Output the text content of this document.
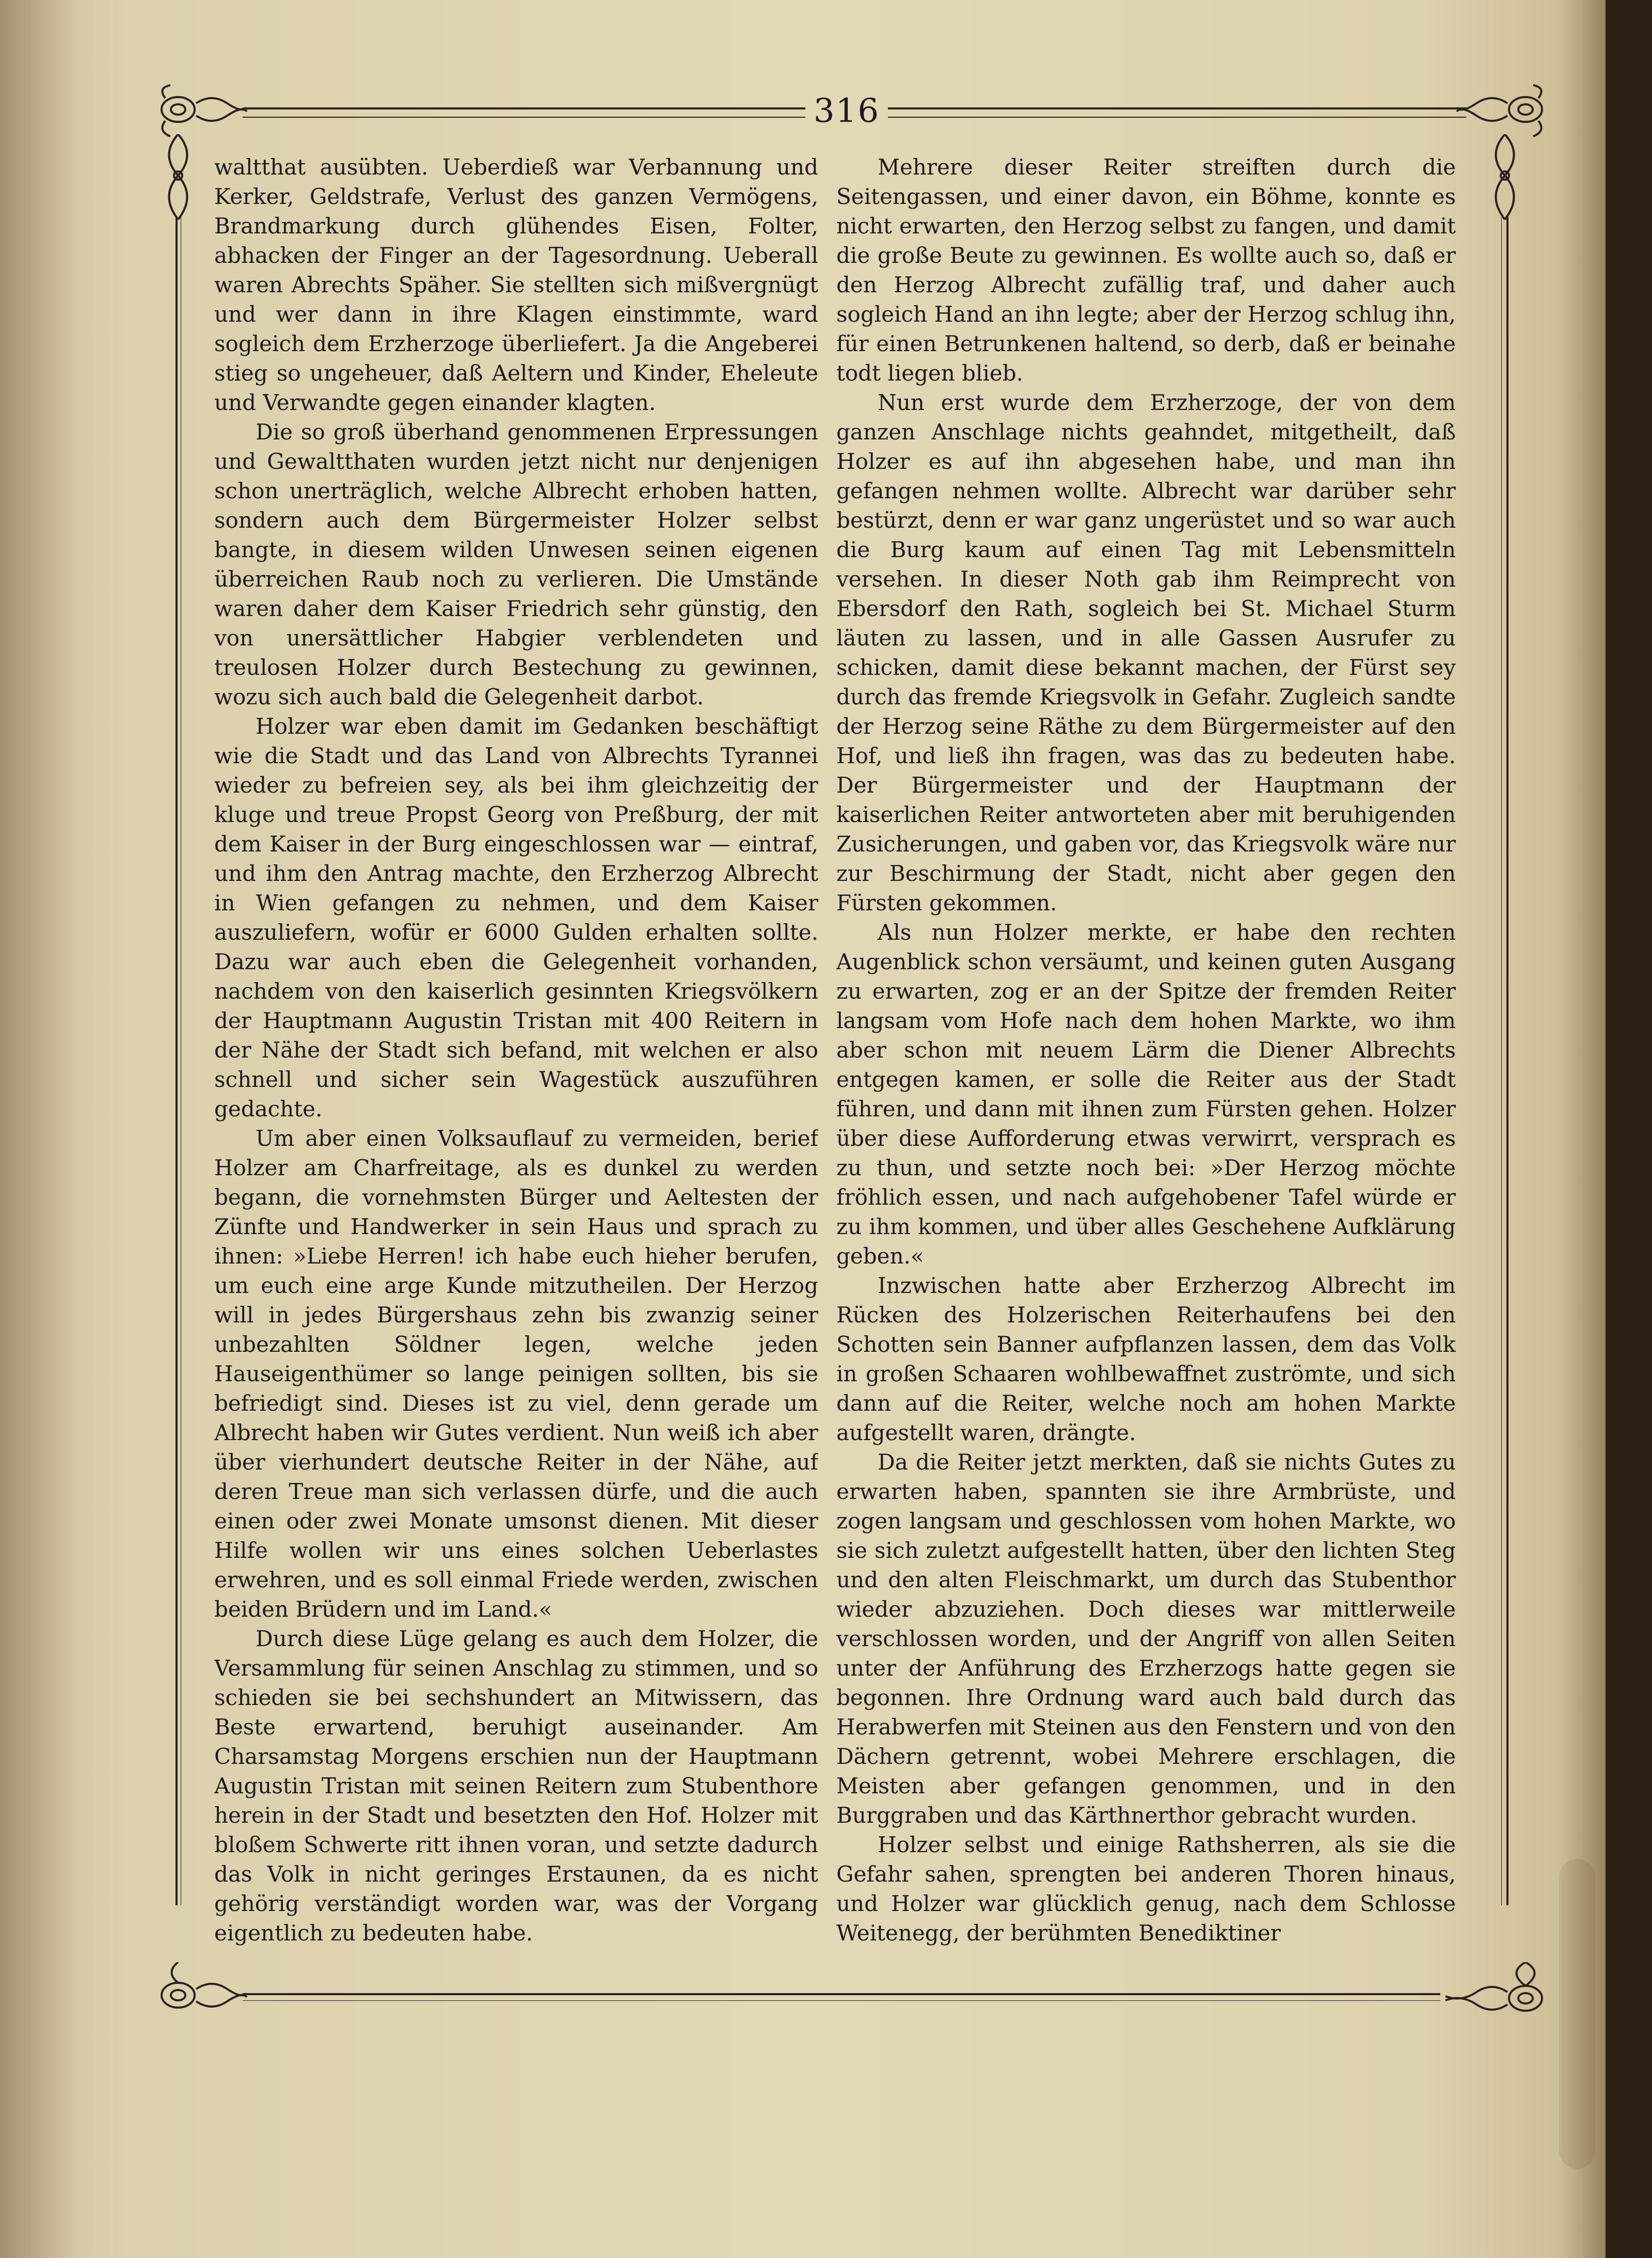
316

waltthat ausübten. Ueberdieß war Verbannung und Kerker, Geldstrafe, Verlust des ganzen Vermögens, Brandmarkung durch glühendes Eisen, Folter, abhacken der Finger an der Tagesordnung. Ueberall waren Abrechts Späher. Sie stellten sich mißvergnügt und wer dann in ihre Klagen einstimmte, ward sogleich dem Erzherzoge überliefert. Ja die Angeberei stieg so ungeheuer, daß Aeltern und Kinder, Eheleute und Verwandte gegen einander klagten.

Die so groß überhand genommenen Erpressungen und Gewaltthaten wurden jetzt nicht nur denjenigen schon unerträglich, welche Albrecht erhoben hatten, sondern auch dem Bürgermeister Holzer selbst bangte, in diesem wilden Unwesen seinen eigenen überreichen Raub noch zu verlieren. Die Umstände waren daher dem Kaiser Friedrich sehr günstig, den von unersättlicher Habgier verblendeten und treulosen Holzer durch Bestechung zu gewinnen, wozu sich auch bald die Gelegenheit darbot.

Holzer war eben damit im Gedanken beschäftigt wie die Stadt und das Land von Albrechts Tyrannei wieder zu befreien sey, als bei ihm gleichzeitig der kluge und treue Propst Georg von Preßburg, der mit dem Kaiser in der Burg eingeschlossen war — eintraf, und ihm den Antrag machte, den Erzherzog Albrecht in Wien gefangen zu nehmen, und dem Kaiser auszuliefern, wofür er 6000 Gulden erhalten sollte. Dazu war auch eben die Gelegenheit vorhanden, nachdem von den kaiserlich gesinnten Kriegsvölkern der Hauptmann Augustin Tristan mit 400 Reitern in der Nähe der Stadt sich befand, mit welchen er also schnell und sicher sein Wagestück auszuführen gedachte.

Um aber einen Volksauflauf zu vermeiden, berief Holzer am Charfreitage, als es dunkel zu werden begann, die vornehmsten Bürger und Aeltesten der Zünfte und Handwerker in sein Haus und sprach zu ihnen: »Liebe Herren! ich habe euch hieher berufen, um euch eine arge Kunde mitzutheilen. Der Herzog will in jedes Bürgershaus zehn bis zwanzig seiner unbezahlten Söldner legen, welche jeden Hauseigenthümer so lange peinigen sollten, bis sie befriedigt sind. Dieses ist zu viel, denn gerade um Albrecht haben wir Gutes verdient. Nun weiß ich aber über vierhundert deutsche Reiter in der Nähe, auf deren Treue man sich verlassen dürfe, und die auch einen oder zwei Monate umsonst dienen. Mit dieser Hilfe wollen wir uns eines solchen Ueberlastes erwehren, und es soll einmal Friede werden, zwischen beiden Brüdern und im Land.«

Durch diese Lüge gelang es auch dem Holzer, die Versammlung für seinen Anschlag zu stimmen, und so schieden sie bei sechshundert an Mitwissern, das Beste erwartend, beruhigt auseinander. Am Charsamstag Morgens erschien nun der Hauptmann Augustin Tristan mit seinen Reitern zum Stubenthore herein in der Stadt und besetzten den Hof. Holzer mit bloßem Schwerte ritt ihnen voran, und setzte dadurch das Volk in nicht geringes Erstaunen, da es nicht gehörig verständigt worden war, was der Vorgang eigentlich zu bedeuten habe.

Mehrere dieser Reiter streiften durch die Seitengassen, und einer davon, ein Böhme, konnte es nicht erwarten, den Herzog selbst zu fangen, und damit die große Beute zu gewinnen. Es wollte auch so, daß er den Herzog Albrecht zufällig traf, und daher auch sogleich Hand an ihn legte; aber der Herzog schlug ihn, für einen Betrunkenen haltend, so derb, daß er beinahe todt liegen blieb.

Nun erst wurde dem Erzherzoge, der von dem ganzen Anschlage nichts geahndet, mitgetheilt, daß Holzer es auf ihn abgesehen habe, und man ihn gefangen nehmen wollte. Albrecht war darüber sehr bestürzt, denn er war ganz ungerüstet und so war auch die Burg kaum auf einen Tag mit Lebensmitteln versehen. In dieser Noth gab ihm Reimprecht von Ebersdorf den Rath, sogleich bei St. Michael Sturm läuten zu lassen, und in alle Gassen Ausrufer zu schicken, damit diese bekannt machen, der Fürst sey durch das fremde Kriegsvolk in Gefahr. Zugleich sandte der Herzog seine Räthe zu dem Bürgermeister auf den Hof, und ließ ihn fragen, was das zu bedeuten habe. Der Bürgermeister und der Hauptmann der kaiserlichen Reiter antworteten aber mit beruhigenden Zusicherungen, und gaben vor, das Kriegsvolk wäre nur zur Beschirmung der Stadt, nicht aber gegen den Fürsten gekommen.

Als nun Holzer merkte, er habe den rechten Augenblick schon versäumt, und keinen guten Ausgang zu erwarten, zog er an der Spitze der fremden Reiter langsam vom Hofe nach dem hohen Markte, wo ihm aber schon mit neuem Lärm die Diener Albrechts entgegen kamen, er solle die Reiter aus der Stadt führen, und dann mit ihnen zum Fürsten gehen. Holzer über diese Aufforderung etwas verwirrt, versprach es zu thun, und setzte noch bei: »Der Herzog möchte fröhlich essen, und nach aufgehobener Tafel würde er zu ihm kommen, und über alles Geschehene Aufklärung geben.«

Inzwischen hatte aber Erzherzog Albrecht im Rücken des Holzerischen Reiterhaufens bei den Schotten sein Banner aufpflanzen lassen, dem das Volk in großen Schaaren wohlbewaffnet zuströmte, und sich dann auf die Reiter, welche noch am hohen Markte aufgestellt waren, drängte.

Da die Reiter jetzt merkten, daß sie nichts Gutes zu erwarten haben, spannten sie ihre Armbrüste, und zogen langsam und geschlossen vom hohen Markte, wo sie sich zuletzt aufgestellt hatten, über den lichten Steg und den alten Fleischmarkt, um durch das Stubenthor wieder abzuziehen. Doch dieses war mittlerweile verschlossen worden, und der Angriff von allen Seiten unter der Anführung des Erzherzogs hatte gegen sie begonnen. Ihre Ordnung ward auch bald durch das Herabwerfen mit Steinen aus den Fenstern und von den Dächern getrennt, wobei Mehrere erschlagen, die Meisten aber gefangen genommen, und in den Burggraben und das Kärthnerthor gebracht wurden.

Holzer selbst und einige Rathsherren, als sie die Gefahr sahen, sprengten bei anderen Thoren hinaus, und Holzer war glücklich genug, nach dem Schlosse Weitenegg, der berühmten Benediktiner
